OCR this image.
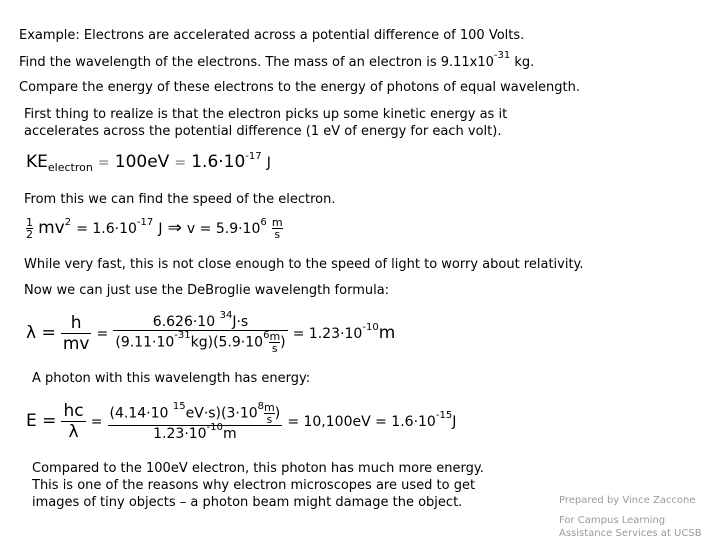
Example: Electrons are accelerated across a potential difference of 100 Volts.
Find the wavelength of the electrons. The mass of an electron is $9.11x10^{-31}$ kg.
Compare the energy of these electrons to the energy of photons of equal wavelength.
First thing to realize is that the electron picks up some kinetic energy as it
accelerates across the potential difference (1 eV of energy for each volt).
$KE_{electron} = 100eV = 1.6\cdot 10^{-17}$ J
From this we can find the speed of the electron.
$\frac{1}{2} mv^2 = 1.6\cdot 10^{-17}$ J ⇒ $v = 5.9\cdot 10^6 \frac{m}{s}$
While very fast, this is not close enough to the speed of light to worry about relativity.
Now we can just use the DeBroglie wavelength formula:
$\lambda = \frac{h}{mv} = \frac{6.626\cdot 10 ^{34}J\cdot s}{(9.11\cdot 10^{-31}kg)(5.9\cdot 10^6 \frac{m}{s} )} = 1.23\cdot 10^{-10}m$
A photon with this wavelength has energy:
$E = \frac{hc}{\lambda} = \frac{(4.14\cdot 10 ^{15}eV\cdot s)(3\cdot 10^8 \frac{m}{s} )}{1.23\cdot 10^{-10}m} = 10,100eV = 1.6\cdot 10^{-15}J$
Compared to the 100eV electron, this photon has much more energy.
This is one of the reasons why electron microscopes are used to get
images of tiny objects – a photon beam might damage the object.	Prepared by Vince Zaccone
For Campus Learning
Assistance Services at UCSB
